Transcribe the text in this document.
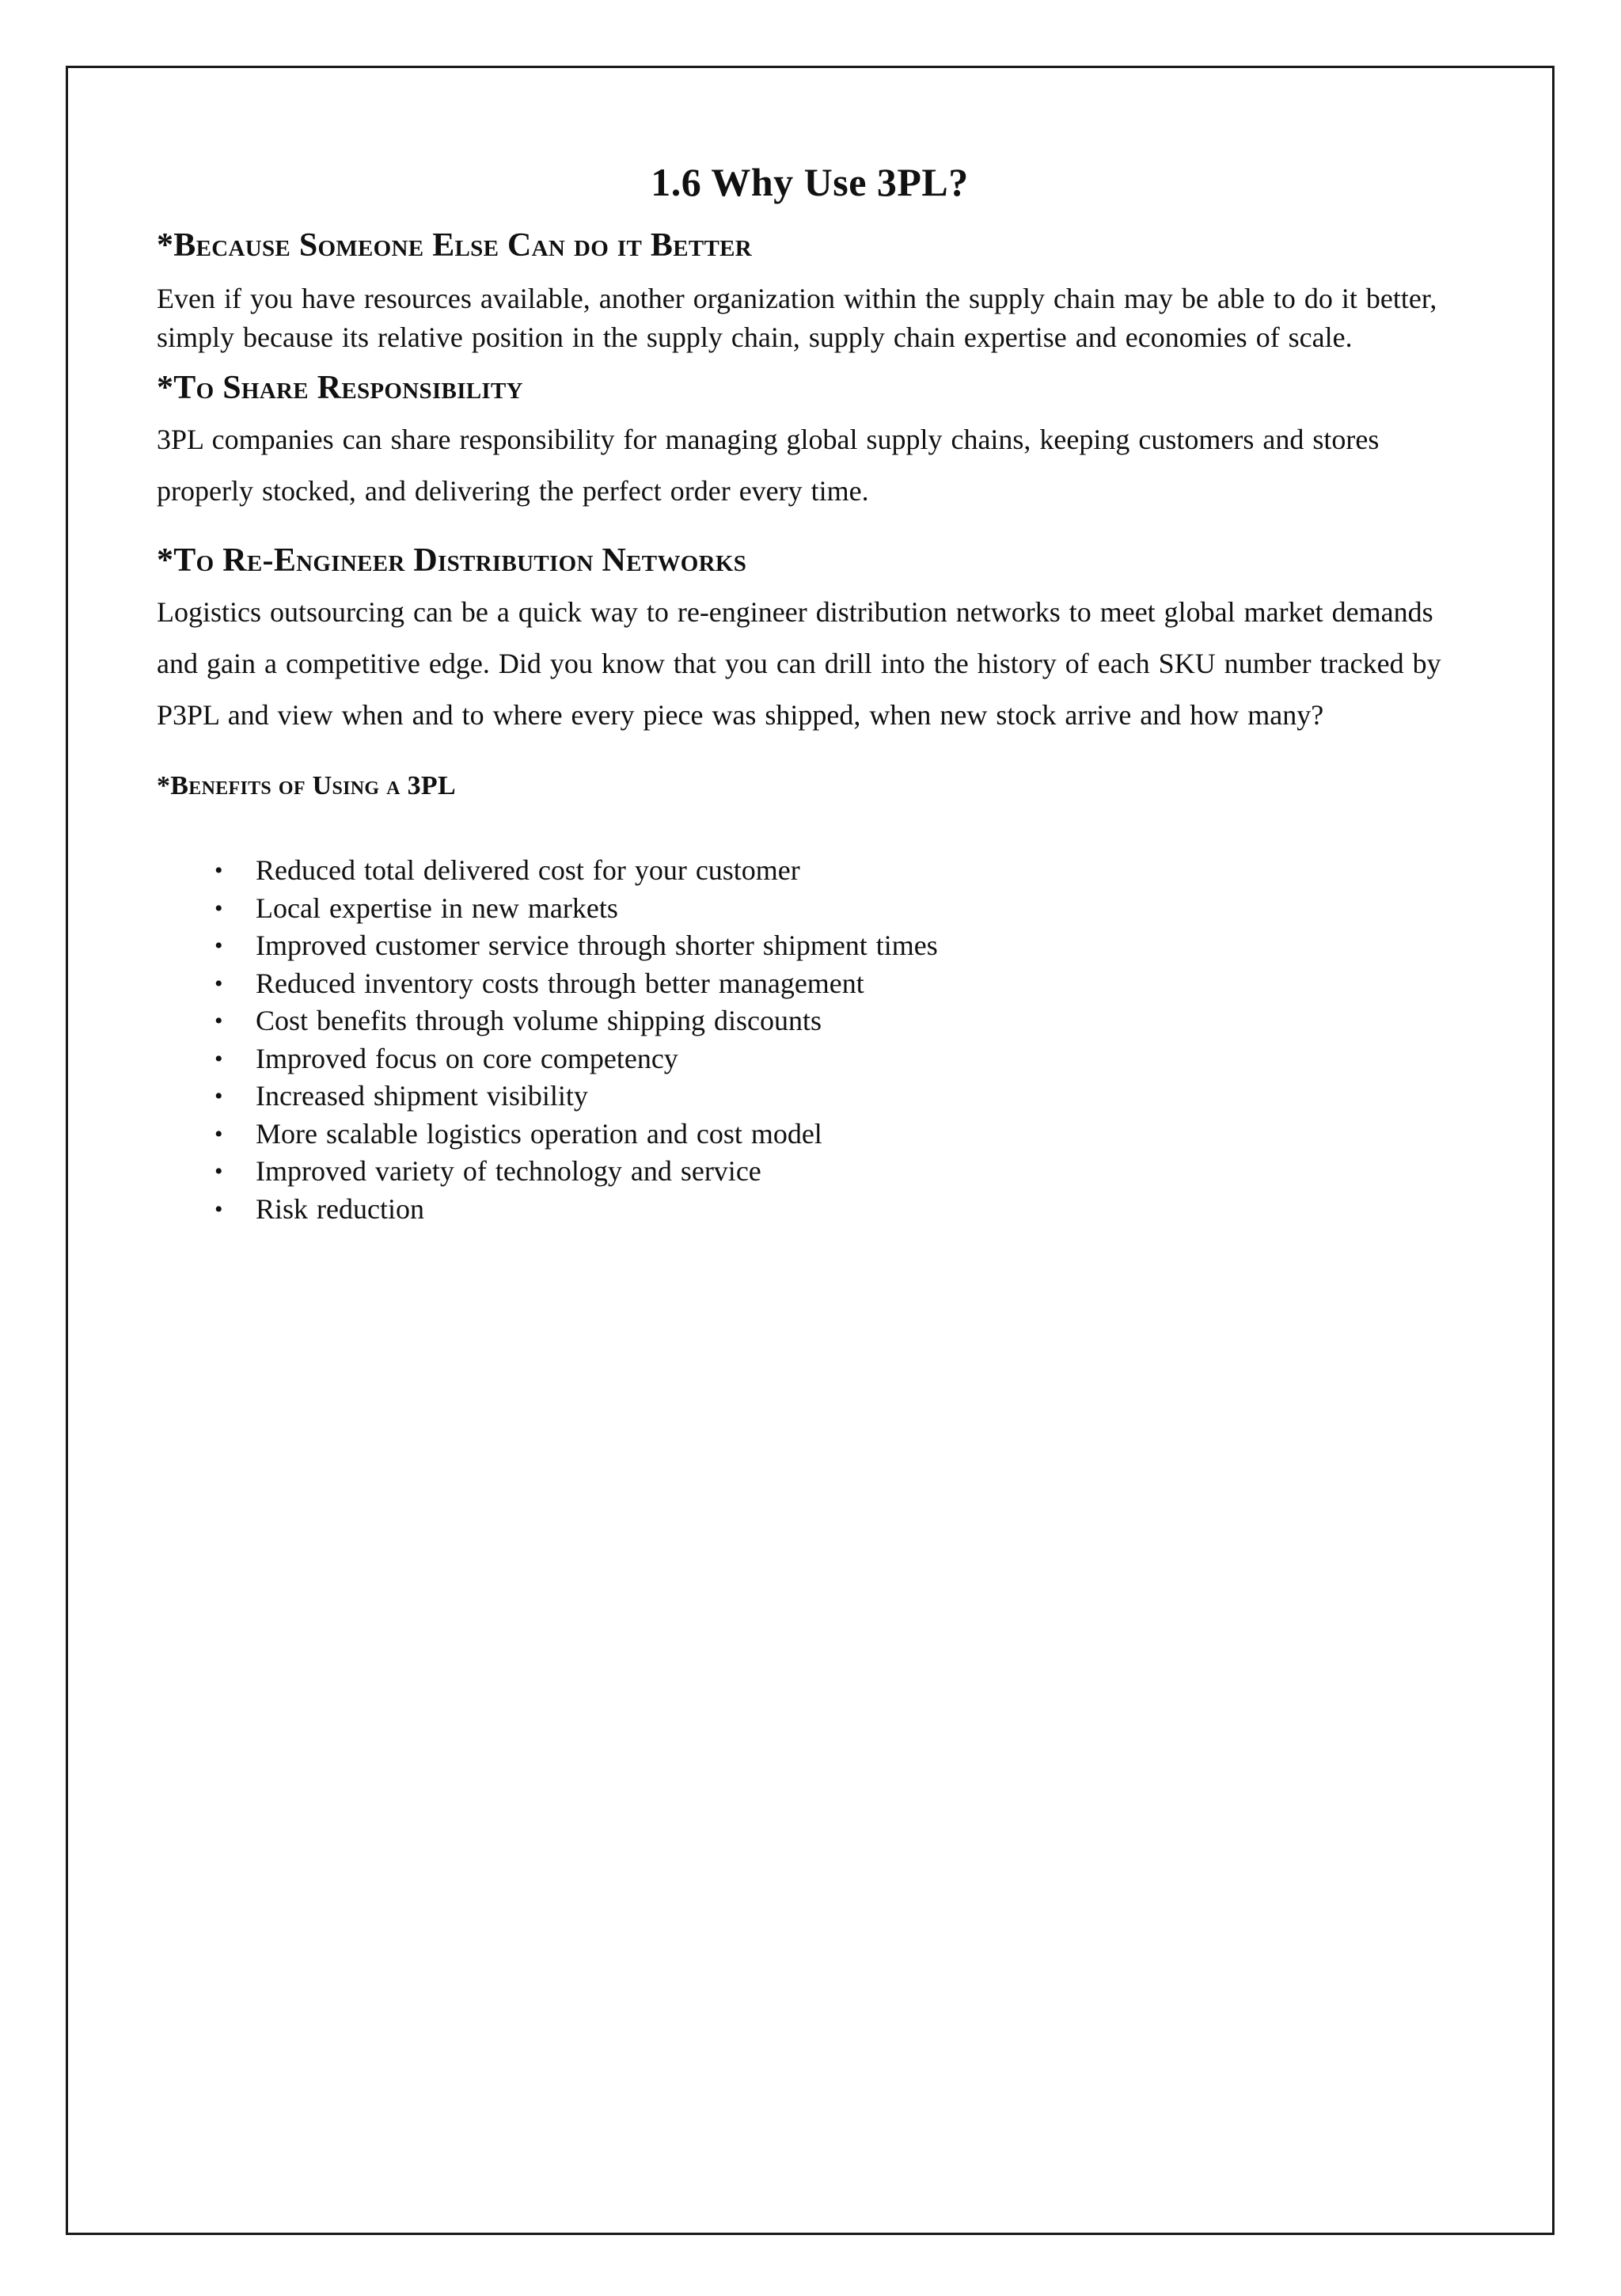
1.6 Why Use 3PL?
*Because Someone Else Can do it Better

Even if you have resources available, another organization within the supply chain may be able to do it better, simply because its relative position in the supply chain, supply chain expertise and economies of scale.

*To Share Responsibility

3PL companies can share responsibility for managing global supply chains, keeping customers and stores properly stocked, and delivering the perfect order every time.

*To Re-Engineer Distribution Networks

Logistics outsourcing can be a quick way to re-engineer distribution networks to meet global market demands and gain a competitive edge. Did you know that you can drill into the history of each SKU number tracked by P3PL and view when and to where every piece was shipped, when new stock arrive and how many?

*Benefits of Using a 3PL
• Reduced total delivered cost for your customer
• Local expertise in new markets
• Improved customer service through shorter shipment times
• Reduced inventory costs through better management
• Cost benefits through volume shipping discounts
• Improved focus on core competency
• Increased shipment visibility
• More scalable logistics operation and cost model
• Improved variety of technology and service
• Risk reduction
